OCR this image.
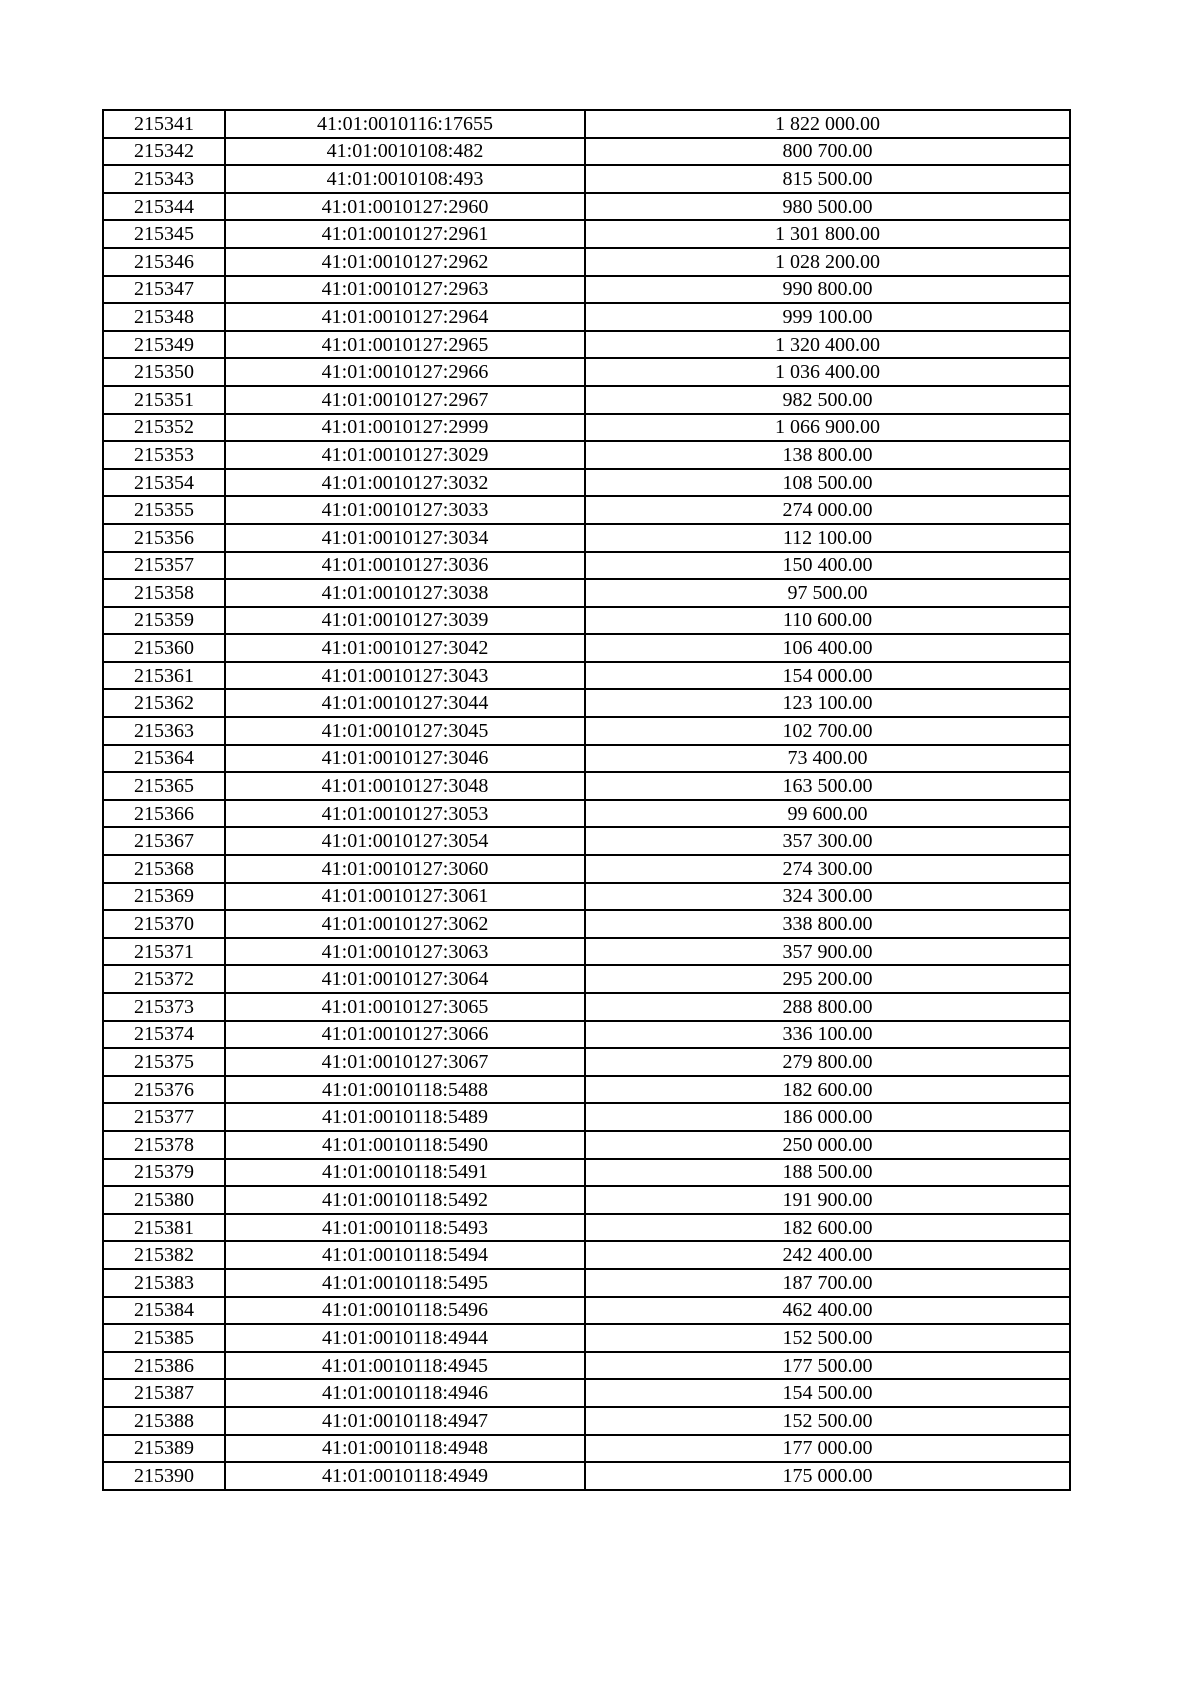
215341	41:01:0010116:17655	1 822 000.00
215342	41:01:0010108:482	800 700.00
215343	41:01:0010108:493	815 500.00
215344	41:01:0010127:2960	980 500.00
215345	41:01:0010127:2961	1 301 800.00
215346	41:01:0010127:2962	1 028 200.00
215347	41:01:0010127:2963	990 800.00
215348	41:01:0010127:2964	999 100.00
215349	41:01:0010127:2965	1 320 400.00
215350	41:01:0010127:2966	1 036 400.00
215351	41:01:0010127:2967	982 500.00
215352	41:01:0010127:2999	1 066 900.00
215353	41:01:0010127:3029	138 800.00
215354	41:01:0010127:3032	108 500.00
215355	41:01:0010127:3033	274 000.00
215356	41:01:0010127:3034	112 100.00
215357	41:01:0010127:3036	150 400.00
215358	41:01:0010127:3038	97 500.00
215359	41:01:0010127:3039	110 600.00
215360	41:01:0010127:3042	106 400.00
215361	41:01:0010127:3043	154 000.00
215362	41:01:0010127:3044	123 100.00
215363	41:01:0010127:3045	102 700.00
215364	41:01:0010127:3046	73 400.00
215365	41:01:0010127:3048	163 500.00
215366	41:01:0010127:3053	99 600.00
215367	41:01:0010127:3054	357 300.00
215368	41:01:0010127:3060	274 300.00
215369	41:01:0010127:3061	324 300.00
215370	41:01:0010127:3062	338 800.00
215371	41:01:0010127:3063	357 900.00
215372	41:01:0010127:3064	295 200.00
215373	41:01:0010127:3065	288 800.00
215374	41:01:0010127:3066	336 100.00
215375	41:01:0010127:3067	279 800.00
215376	41:01:0010118:5488	182 600.00
215377	41:01:0010118:5489	186 000.00
215378	41:01:0010118:5490	250 000.00
215379	41:01:0010118:5491	188 500.00
215380	41:01:0010118:5492	191 900.00
215381	41:01:0010118:5493	182 600.00
215382	41:01:0010118:5494	242 400.00
215383	41:01:0010118:5495	187 700.00
215384	41:01:0010118:5496	462 400.00
215385	41:01:0010118:4944	152 500.00
215386	41:01:0010118:4945	177 500.00
215387	41:01:0010118:4946	154 500.00
215388	41:01:0010118:4947	152 500.00
215389	41:01:0010118:4948	177 000.00
215390	41:01:0010118:4949	175 000.00
